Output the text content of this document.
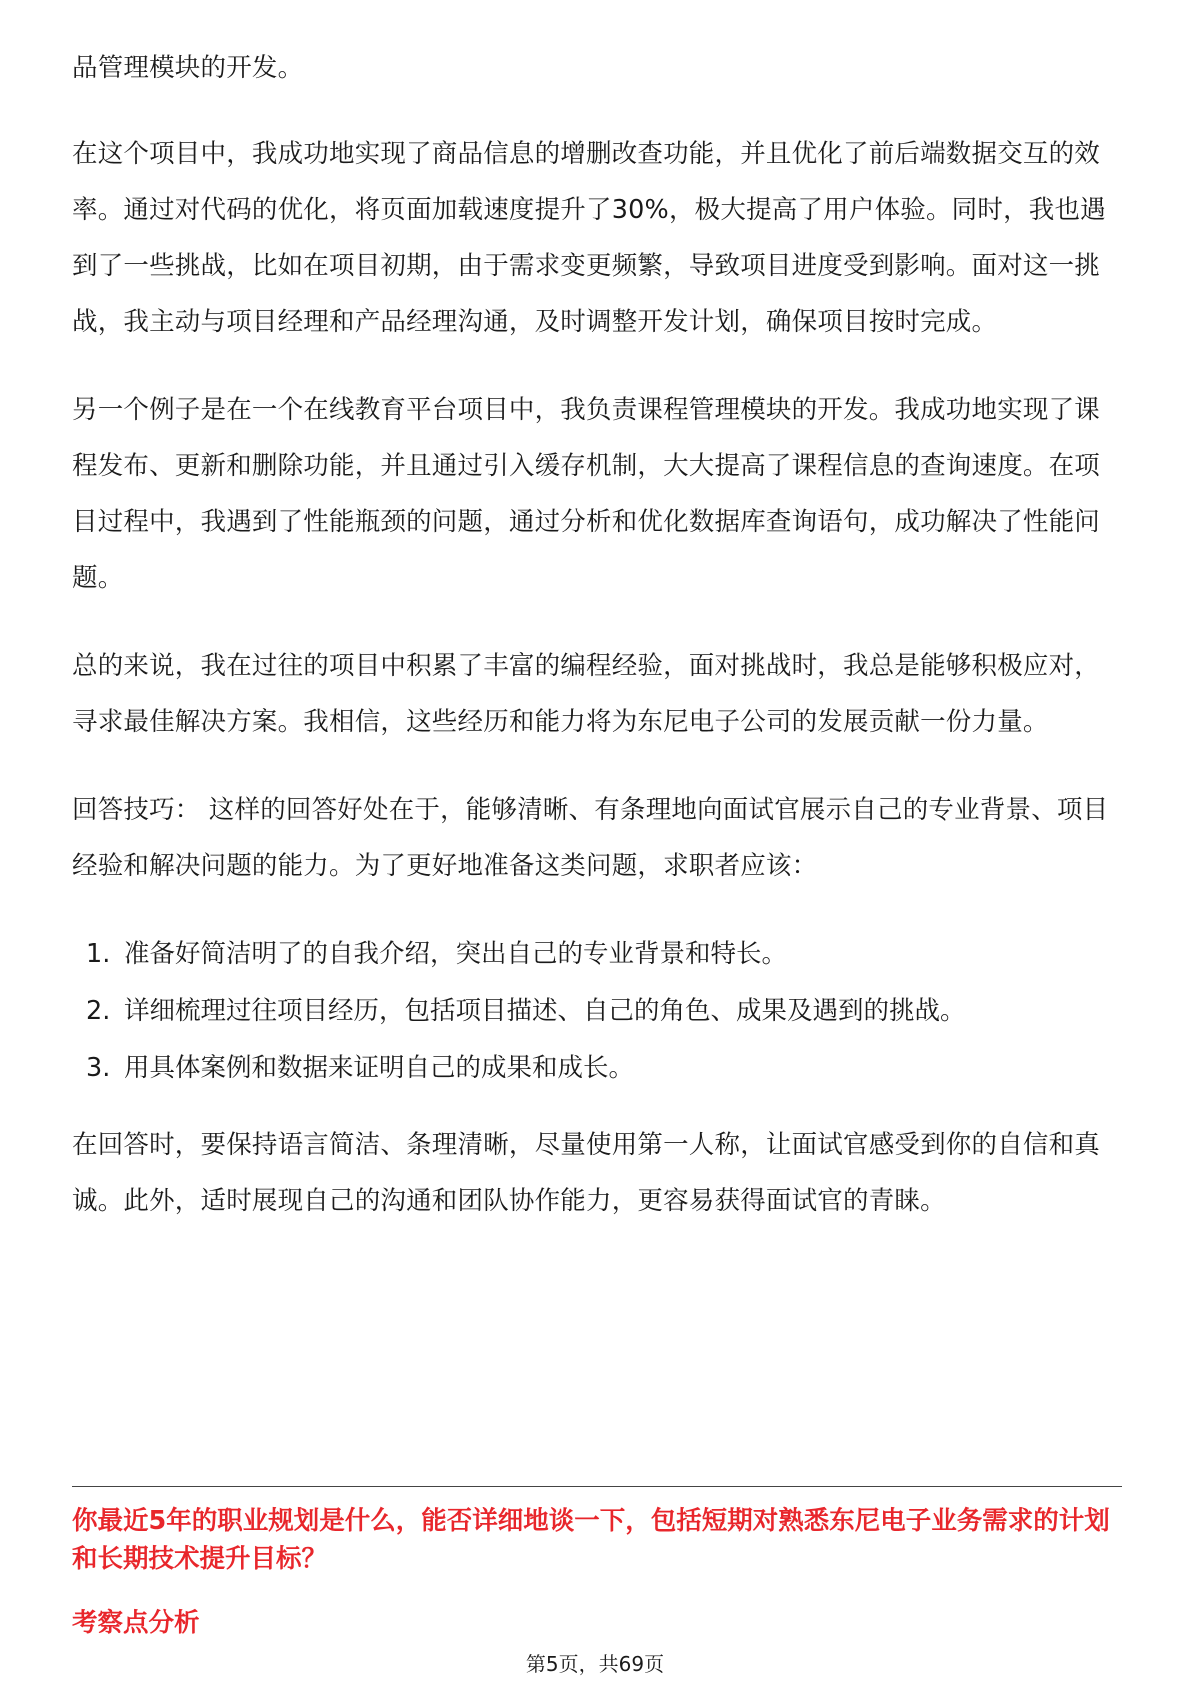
品管理模块的开发。

在这个项目中，我成功地实现了商品信息的增删改查功能，并且优化了前后端数据交互的效率。通过对代码的优化，将页面加载速度提升了30%，极大提高了用户体验。同时，我也遇到了一些挑战，比如在项目初期，由于需求变更频繁，导致项目进度受到影响。面对这一挑战，我主动与项目经理和产品经理沟通，及时调整开发计划，确保项目按时完成。

另一个例子是在一个在线教育平台项目中，我负责课程管理模块的开发。我成功地实现了课程发布、更新和删除功能，并且通过引入缓存机制，大大提高了课程信息的查询速度。在项目过程中，我遇到了性能瓶颈的问题，通过分析和优化数据库查询语句，成功解决了性能问题。

总的来说，我在过往的项目中积累了丰富的编程经验，面对挑战时，我总是能够积极应对，寻求最佳解决方案。我相信，这些经历和能力将为东尼电子公司的发展贡献一份力量。

回答技巧： 这样的回答好处在于，能够清晰、有条理地向面试官展示自己的专业背景、项目经验和解决问题的能力。为了更好地准备这类问题，求职者应该：

1. 准备好简洁明了的自我介绍，突出自己的专业背景和特长。
2. 详细梳理过往项目经历，包括项目描述、自己的角色、成果及遇到的挑战。
3. 用具体案例和数据来证明自己的成果和成长。

在回答时，要保持语言简洁、条理清晰，尽量使用第一人称，让面试官感受到你的自信和真诚。此外，适时展现自己的沟通和团队协作能力，更容易获得面试官的青睐。

你最近5年的职业规划是什么，能否详细地谈一下，包括短期对熟悉东尼电子业务需求的计划和长期技术提升目标？

考察点分析

第5页，共69页
